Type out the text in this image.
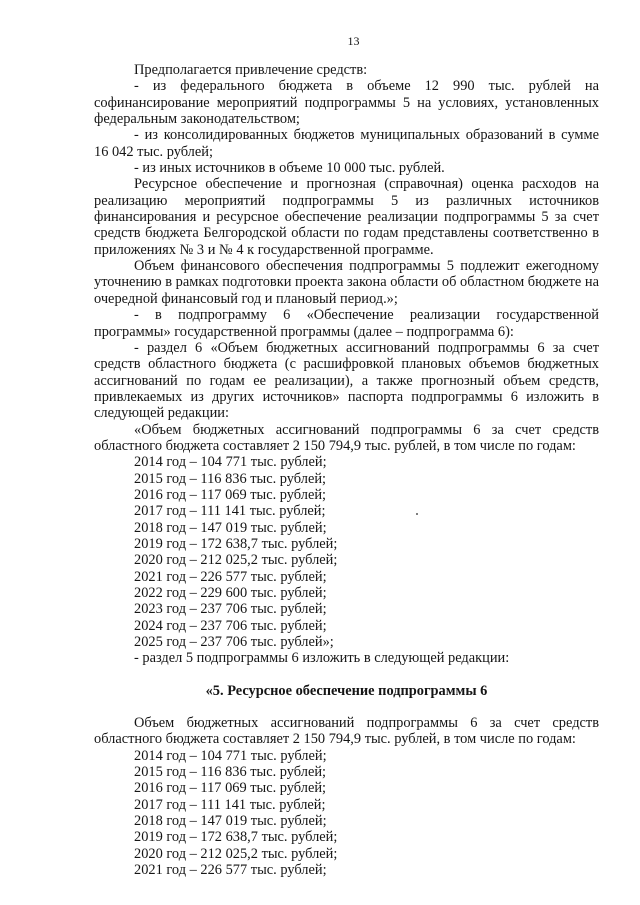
13

Предполагается привлечение средств:

- из федерального бюджета в объеме 12 990 тыс. рублей на софинансирование мероприятий подпрограммы 5 на условиях, установленных федеральным законодательством;

- из консолидированных бюджетов муниципальных образований в сумме 16 042 тыс. рублей;

- из иных источников в объеме 10 000 тыс. рублей.

Ресурсное обеспечение и прогнозная (справочная) оценка расходов на реализацию мероприятий подпрограммы 5 из различных источников финансирования и ресурсное обеспечение реализации подпрограммы 5 за счет средств бюджета Белгородской области по годам представлены соответственно в приложениях № 3 и № 4 к государственной программе.

Объем финансового обеспечения подпрограммы 5 подлежит ежегодному уточнению в рамках подготовки проекта закона области об областном бюджете на очередной финансовый год и плановый период.»;

- в подпрограмму 6 «Обеспечение реализации государственной программы» государственной программы (далее – подпрограмма 6):

- раздел 6 «Объем бюджетных ассигнований подпрограммы 6 за счет средств областного бюджета (с расшифровкой плановых объемов бюджетных ассигнований по годам ее реализации), а также прогнозный объем средств, привлекаемых из других источников» паспорта подпрограммы 6 изложить в следующей редакции:

«Объем бюджетных ассигнований подпрограммы 6 за счет средств областного бюджета составляет 2 150 794,9 тыс. рублей, в том числе по годам:

2014 год – 104 771 тыс. рублей;
2015 год – 116 836 тыс. рублей;
2016 год – 117 069 тыс. рублей;
2017 год – 111 141 тыс. рублей;
2018 год – 147 019 тыс. рублей;
2019 год – 172 638,7 тыс. рублей;
2020 год – 212 025,2 тыс. рублей;
2021 год – 226 577 тыс. рублей;
2022 год – 229 600 тыс. рублей;
2023 год – 237 706 тыс. рублей;
2024 год – 237 706 тыс. рублей;
2025 год – 237 706 тыс. рублей»;
- раздел 5 подпрограммы 6 изложить в следующей редакции:

«5. Ресурсное обеспечение подпрограммы 6

Объем бюджетных ассигнований подпрограммы 6 за счет средств областного бюджета составляет 2 150 794,9 тыс. рублей, в том числе по годам:

2014 год – 104 771 тыс. рублей;
2015 год – 116 836 тыс. рублей;
2016 год – 117 069 тыс. рублей;
2017 год – 111 141 тыс. рублей;
2018 год – 147 019 тыс. рублей;
2019 год – 172 638,7 тыс. рублей;
2020 год – 212 025,2 тыс. рублей;
2021 год – 226 577 тыс. рублей;
